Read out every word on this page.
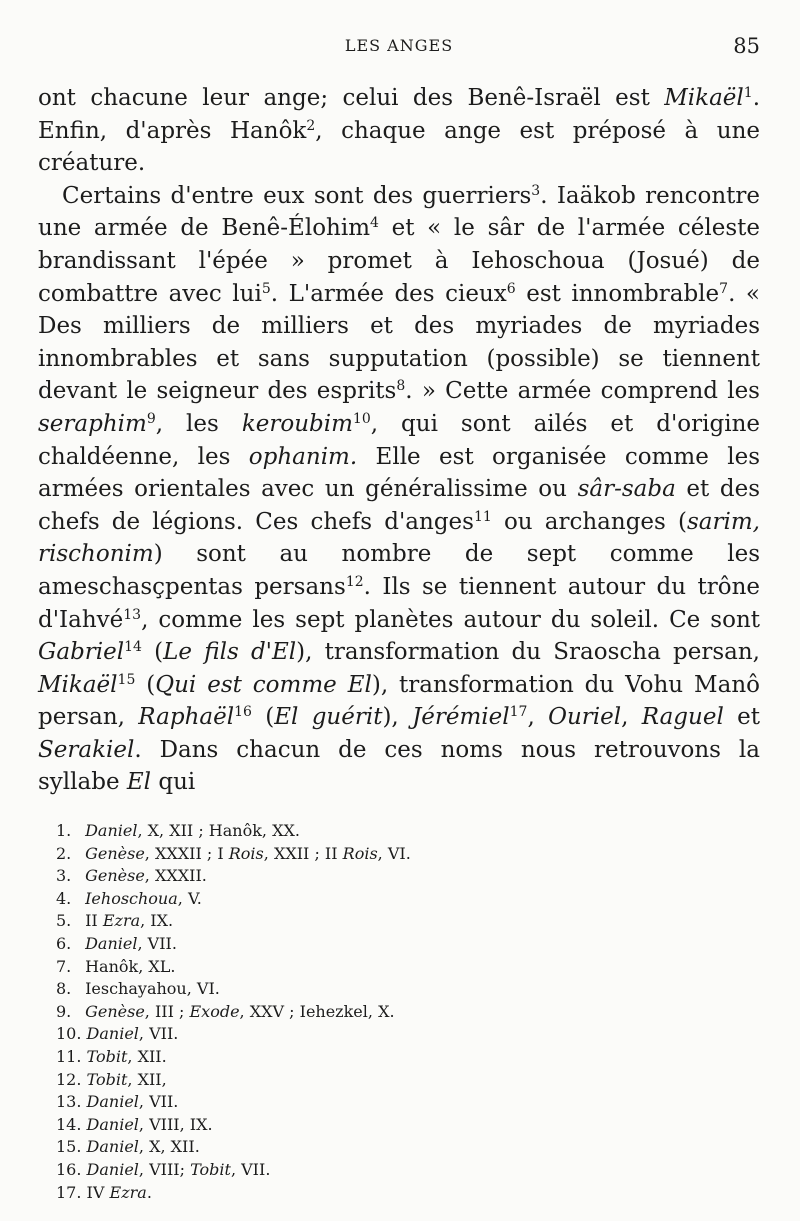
LES ANGES	85

ont chacune leur ange; celui des Benê-Israël est Mikaël$^1$. Enfin, d'après Hanôk$^2$, chaque ange est préposé à une créature.

Certains d'entre eux sont des guerriers$^3$. Iaäkob rencontre une armée de Benê-Élohim$^4$ et « le sâr de l'armée céleste brandissant l'épée » promet à Iehoschoua (Josué) de combattre avec lui$^5$. L'armée des cieux$^6$ est innombrable$^7$. « Des milliers de milliers et des myriades de myriades innombrables et sans supputation (possible) se tiennent devant le seigneur des esprits$^8$. » Cette armée comprend les seraphim$^9$, les keroubim$^{10}$, qui sont ailés et d'origine chaldéenne, les ophanim. Elle est organisée comme les armées orientales avec un généralissime ou sâr-saba et des chefs de légions. Ces chefs d'anges$^{11}$ ou archanges (sarim, rischonim) sont au nombre de sept comme les ameschasçpentas persans$^{12}$. Ils se tiennent autour du trône d'Iahvé$^{13}$, comme les sept planètes autour du soleil. Ce sont Gabriel$^{14}$ (Le fils d'El), transformation du Sraoscha persan, Mikaël$^{15}$ (Qui est comme El), transformation du Vohu Manô persan, Raphaël$^{16}$ (El guérit), Jérémiel$^{17}$, Ouriel, Raguel et Serakiel. Dans chacun de ces noms nous retrouvons la syllabe El qui

1. Daniel, X, XII ; Hanôk, XX.
2. Genèse, XXXII ; I Rois, XXII ; II Rois, VI.
3. Genèse, XXXII.
4. Iehoschoua, V.
5. II Ezra, IX.
6. Daniel, VII.
7. Hanôk, XL.
8. Ieschayahou, VI.
9. Genèse, III ; Exode, XXV ; Iehezkel, X.
10. Daniel, VII.
11. Tobit, XII.
12. Tobit, XII,
13. Daniel, VII.
14. Daniel, VIII, IX.
15. Daniel, X, XII.
16. Daniel, VIII; Tobit, VII.
17. IV Ezra.
